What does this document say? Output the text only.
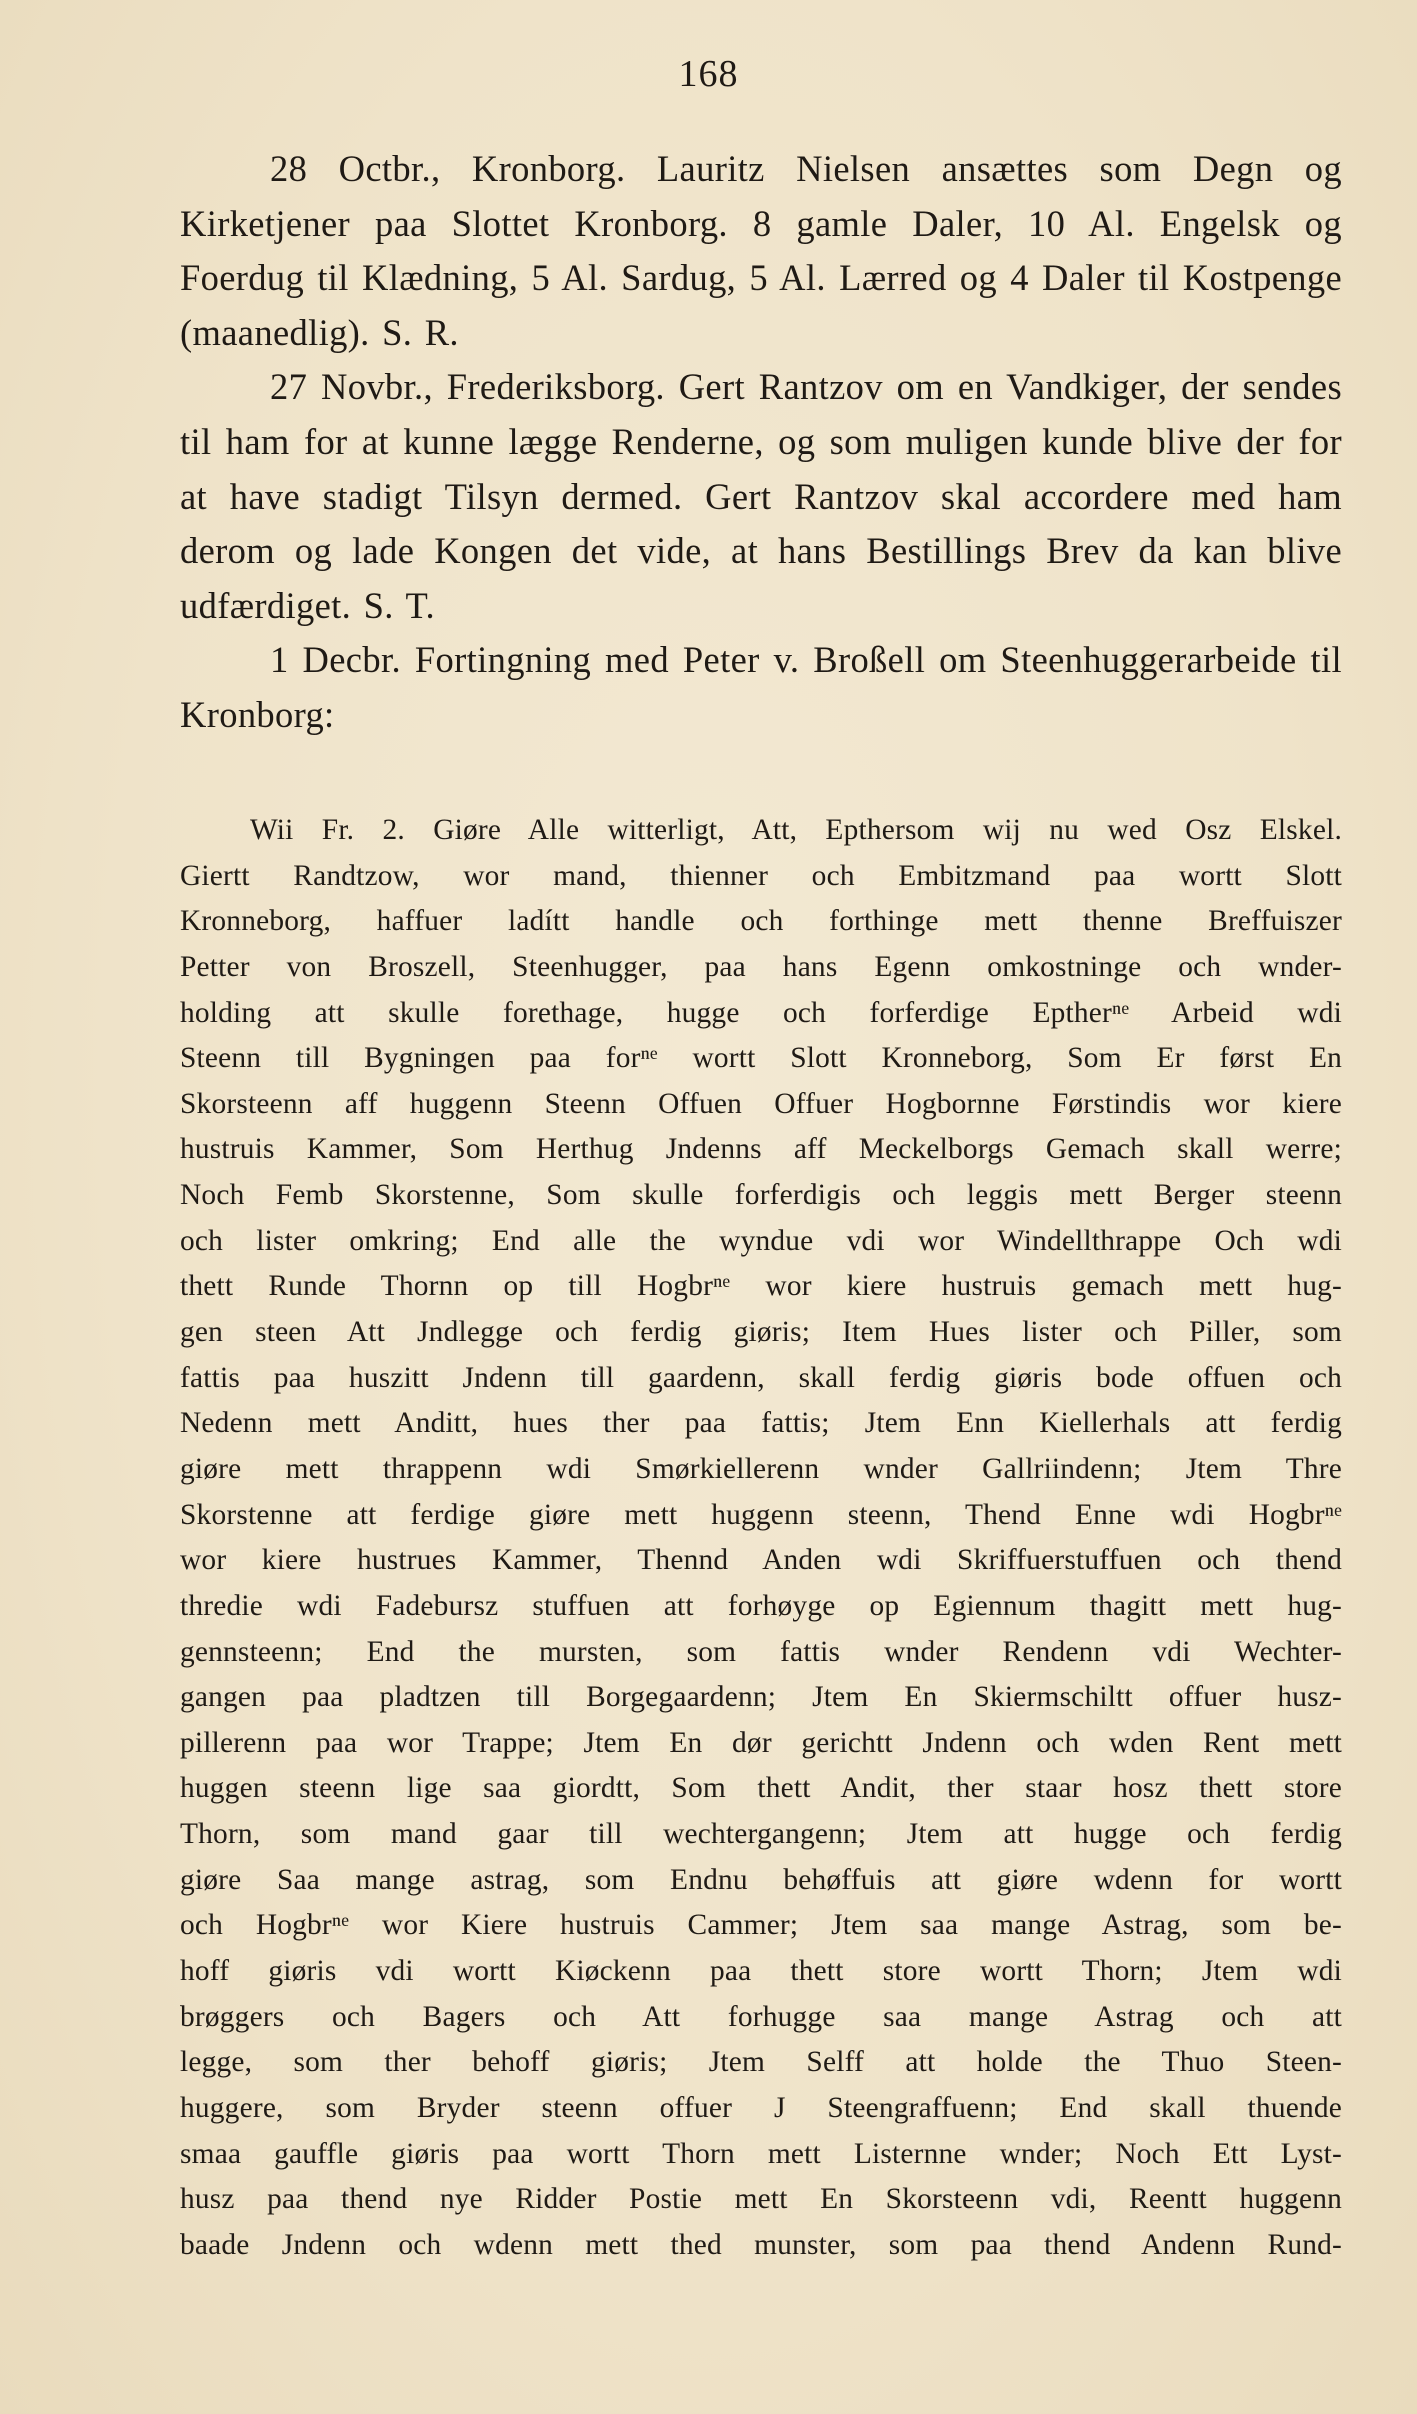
168

28 Octbr., Kronborg. Lauritz Nielsen ansættes som Degn og Kirketjener paa Slottet Kronborg. 8 gamle Daler, 10 Al. Engelsk og Foerdug til Klædning, 5 Al. Sardug, 5 Al. Lærred og 4 Daler til Kostpenge (maanedlig). S. R.

27 Novbr., Frederiksborg. Gert Rantzov om en Vandkiger, der sendes til ham for at kunne lægge Renderne, og som muligen kunde blive der for at have stadigt Tilsyn dermed. Gert Rantzov skal accordere med ham derom og lade Kongen det vide, at hans Bestillings Brev da kan blive udfærdiget. S. T.

1 Decbr. Fortingning med Peter v. Broßell om Steenhuggerarbeide til Kronborg:

Wii Fr. 2. Giøre Alle witterligt, Att, Epthersom wij nu wed Osz Elskel.
Giertt Randtzow, wor mand, thienner och Embitzmand paa wortt Slott
Kronneborg, haffuer ladítt handle och forthinge mett thenne Breffuiszer
Petter von Broszell, Steenhugger, paa hans Egenn omkostninge och wnder-
holding att skulle forethage, hugge och forferdige Eptherⁿᵉ Arbeid wdi
Steenn till Bygningen paa forⁿᵉ wortt Slott Kronneborg, Som Er først En
Skorsteenn aff huggenn Steenn Offuen Offuer Hogbornne Førstindis wor kiere
hustruis Kammer, Som Herthug Jndenns aff Meckelborgs Gemach skall werre;
Noch Femb Skorstenne, Som skulle forferdigis och leggis mett Berger steenn
och lister omkring; End alle the wyndue vdi wor Windellthrappe Och wdi
thett Runde Thornn op till Hogbrⁿᵉ wor kiere hustruis gemach mett hug-
gen steen Att Jndlegge och ferdig giøris; Item Hues lister och Piller, som
fattis paa huszitt Jndenn till gaardenn, skall ferdig giøris bode offuen och
Nedenn mett Anditt, hues ther paa fattis; Jtem Enn Kiellerhals att ferdig
giøre mett thrappenn wdi Smørkiellerenn wnder Gallriindenn; Jtem Thre
Skorstenne att ferdige giøre mett huggenn steenn, Thend Enne wdi Hogbrⁿᵉ
wor kiere hustrues Kammer, Thennd Anden wdi Skriffuerstuffuen och thend
thredie wdi Fadebursz stuffuen att forhøyge op Egiennum thagitt mett hug-
gennsteenn; End the mursten, som fattis wnder Rendenn vdi Wechter-
gangen paa pladtzen till Borgegaardenn; Jtem En Skiermschiltt offuer husz-
pillerenn paa wor Trappe; Jtem En dør gerichtt Jndenn och wden Rent mett
huggen steenn lige saa giordtt, Som thett Andit, ther staar hosz thett store
Thorn, som mand gaar till wechtergangenn; Jtem att hugge och ferdig
giøre Saa mange astrag, som Endnu behøffuis att giøre wdenn for wortt
och Hogbrⁿᵉ wor Kiere hustruis Cammer; Jtem saa mange Astrag, som be-
hoff giøris vdi wortt Kiøckenn paa thett store wortt Thorn; Jtem wdi
brøggers och Bagers och Att forhugge saa mange Astrag och att
legge, som ther behoff giøris; Jtem Selff att holde the Thuo Steen-
huggere, som Bryder steenn offuer J Steengraffuenn; End skall thuende
smaa gauffle giøris paa wortt Thorn mett Listernne wnder; Noch Ett Lyst-
husz paa thend nye Ridder Postie mett En Skorsteenn vdi, Reentt huggenn
baade Jndenn och wdenn mett thed munster, som paa thend Andenn Rund-
